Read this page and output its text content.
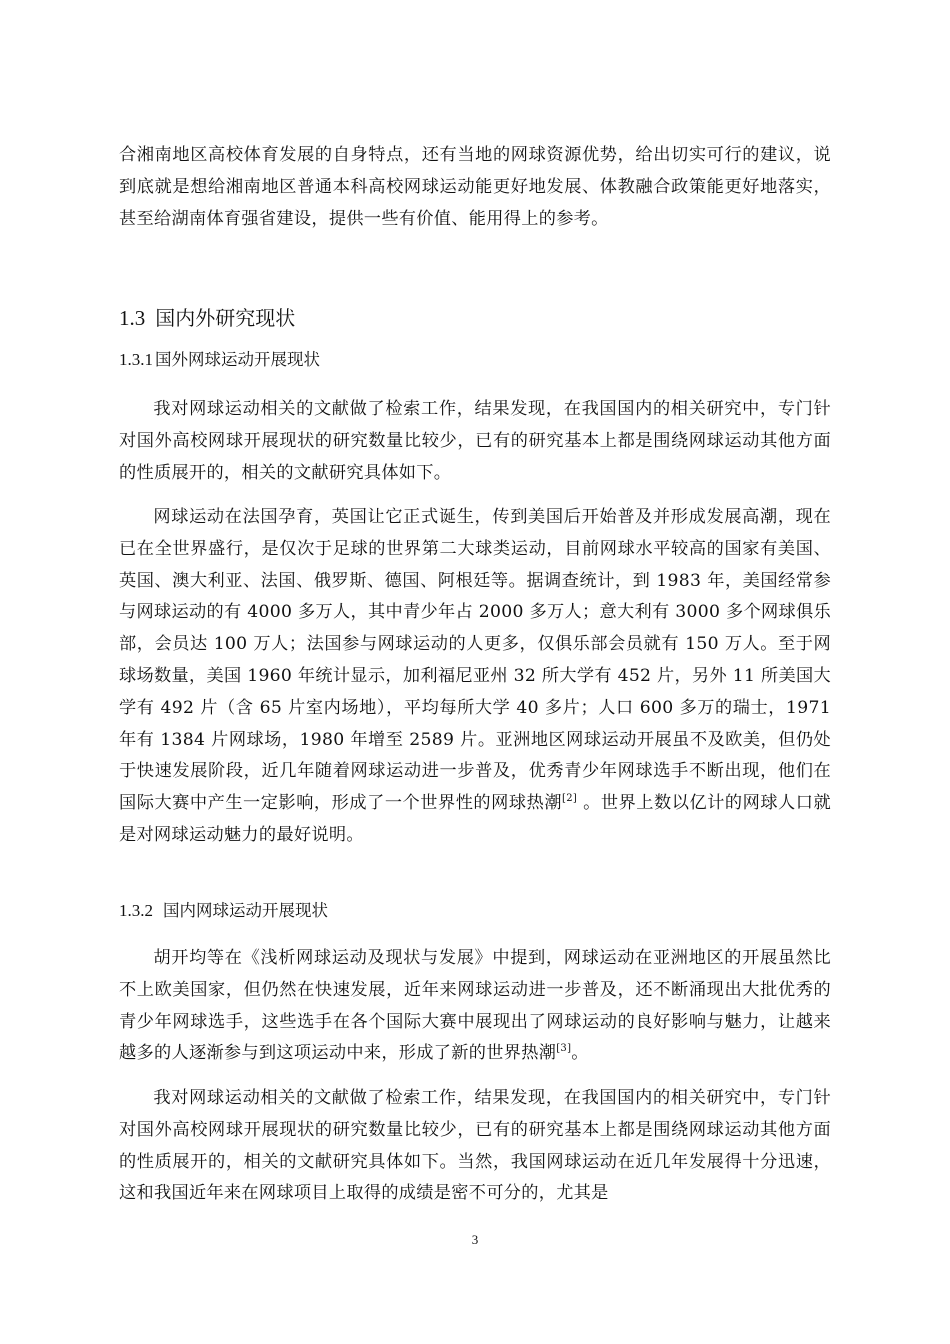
合湘南地区高校体育发展的自身特点，还有当地的网球资源优势，给出切实可行的建议，说到底就是想给湘南地区普通本科高校网球运动能更好地发展、体教融合政策能更好地落实，甚至给湖南体育强省建设，提供一些有价值、能用得上的参考。

1.3 国内外研究现状
1.3.1 国外网球运动开展现状

我对网球运动相关的文献做了检索工作，结果发现，在我国国内的相关研究中，专门针对国外高校网球开展现状的研究数量比较少，已有的研究基本上都是围绕网球运动其他方面的性质展开的，相关的文献研究具体如下。

网球运动在法国孕育，英国让它正式诞生，传到美国后开始普及并形成发展高潮，现在已在全世界盛行，是仅次于足球的世界第二大球类运动，目前网球水平较高的国家有美国、英国、澳大利亚、法国、俄罗斯、德国、阿根廷等。据调查统计，到 1983 年，美国经常参与网球运动的有 4000 多万人，其中青少年占 2000 多万人；意大利有 3000 多个网球俱乐部，会员达 100 万人；法国参与网球运动的人更多，仅俱乐部会员就有 150 万人。至于网球场数量，美国 1960 年统计显示，加利福尼亚州 32 所大学有 452 片，另外 11 所美国大学有 492 片（含 65 片室内场地），平均每所大学 40 多片；人口 600 多万的瑞士，1971 年有 1384 片网球场，1980 年增至 2589 片。亚洲地区网球运动开展虽不及欧美，但仍处于快速发展阶段，近几年随着网球运动进一步普及，优秀青少年网球选手不断出现，他们在国际大赛中产生一定影响，形成了一个世界性的网球热潮[2] 。世界上数以亿计的网球人口就是对网球运动魅力的最好说明。

1.3.2 国内网球运动开展现状

胡开均等在《浅析网球运动及现状与发展》中提到，网球运动在亚洲地区的开展虽然比不上欧美国家，但仍然在快速发展，近年来网球运动进一步普及，还不断涌现出大批优秀的青少年网球选手，这些选手在各个国际大赛中展现出了网球运动的良好影响与魅力，让越来越多的人逐渐参与到这项运动中来，形成了新的世界热潮[3]。

我对网球运动相关的文献做了检索工作，结果发现，在我国国内的相关研究中，专门针对国外高校网球开展现状的研究数量比较少，已有的研究基本上都是围绕网球运动其他方面的性质展开的，相关的文献研究具体如下。当然，我国网球运动在近几年发展得十分迅速，这和我国近年来在网球项目上取得的成绩是密不可分的，尤其是

3
